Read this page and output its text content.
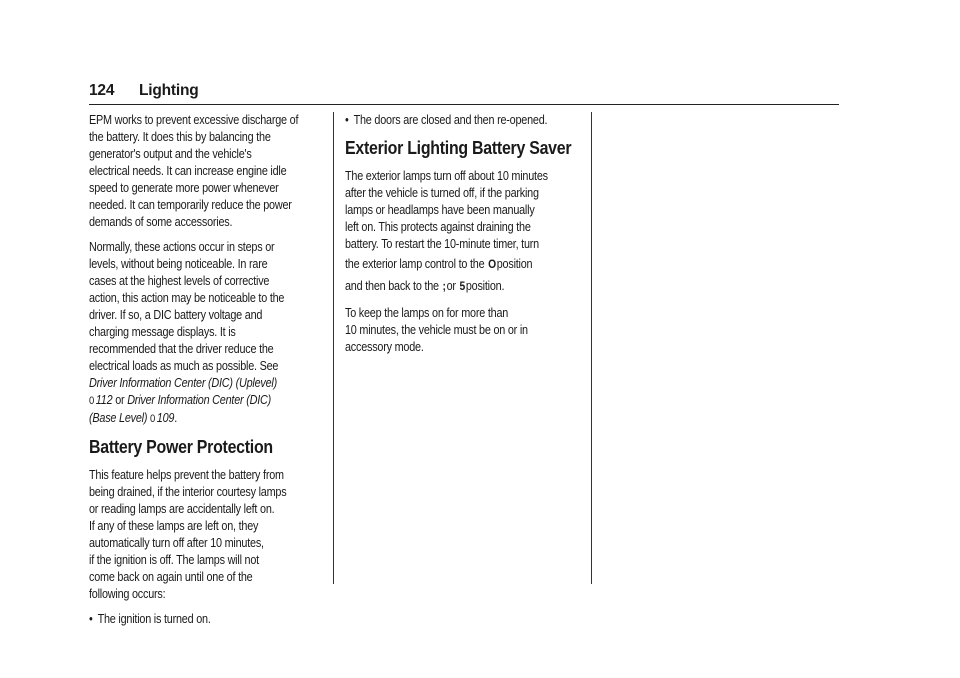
124 Lighting

EPM works to prevent excessive discharge of
the battery. It does this by balancing the
generator's output and the vehicle's
electrical needs. It can increase engine idle
speed to generate more power whenever
needed. It can temporarily reduce the power
demands of some accessories.

Normally, these actions occur in steps or
levels, without being noticeable. In rare
cases at the highest levels of corrective
action, this action may be noticeable to the
driver. If so, a DIC battery voltage and
charging message displays. It is
recommended that the driver reduce the
electrical loads as much as possible. See
Driver Information Center (DIC) (Uplevel)
0 112 or Driver Information Center (DIC)
(Base Level) 0 109.

Battery Power Protection

This feature helps prevent the battery from
being drained, if the interior courtesy lamps
or reading lamps are accidentally left on.
If any of these lamps are left on, they
automatically turn off after 10 minutes,
if the ignition is off. The lamps will not
come back on again until one of the
following occurs:

• The ignition is turned on.

• The doors are closed and then re-opened.

Exterior Lighting Battery Saver

The exterior lamps turn off about 10 minutes
after the vehicle is turned off, if the parking
lamps or headlamps have been manually
left on. This protects against draining the
battery. To restart the 10-minute timer, turn
the exterior lamp control to the Oposition
and then back to the ;or 5position.

To keep the lamps on for more than
10 minutes, the vehicle must be on or in
accessory mode.
